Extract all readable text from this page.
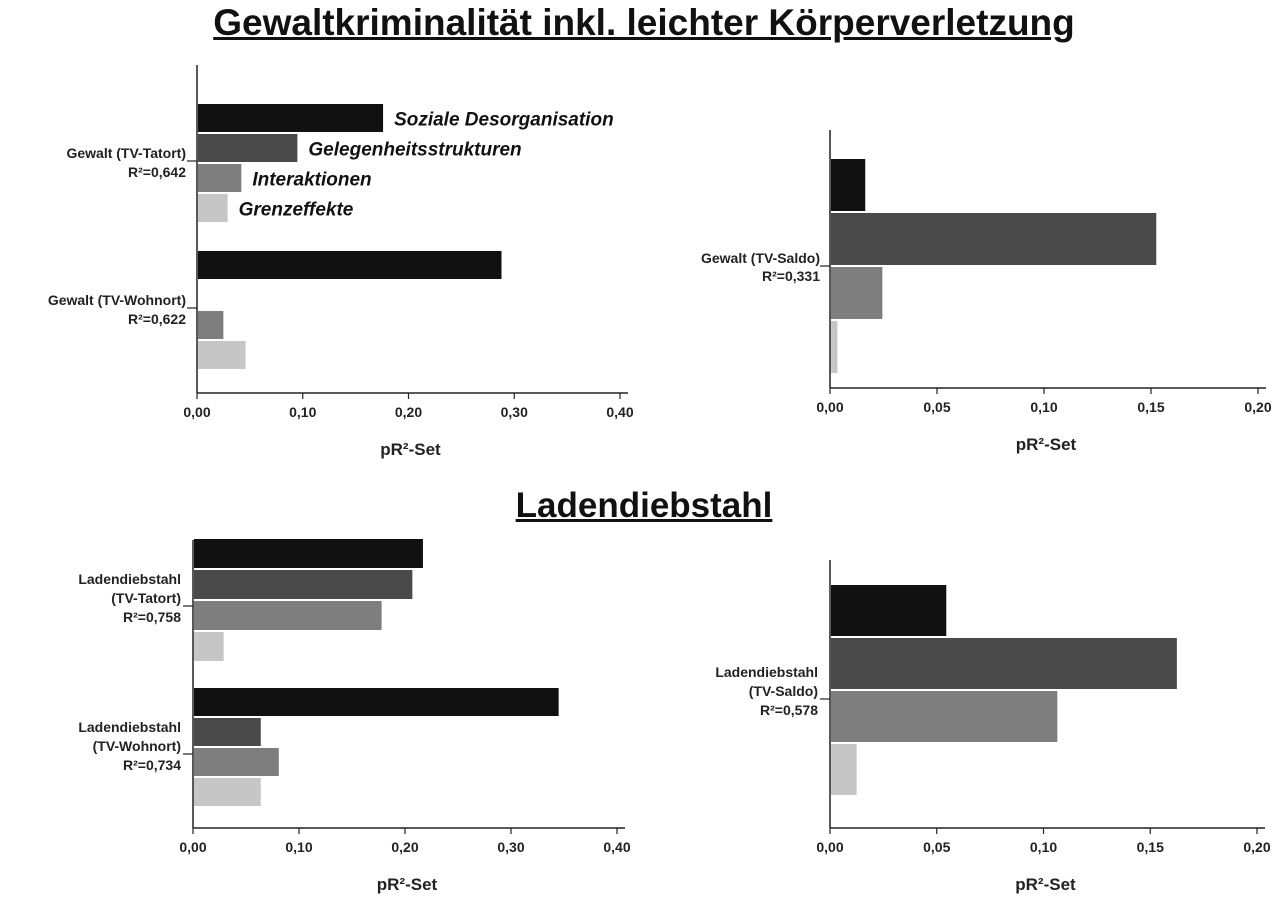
Gewaltkriminalität inkl. leichter Körperverletzung
Ladendiebstahl
Soziale Desorganisation
Gelegenheitsstrukturen
Interaktionen
Grenzeffekte
0,00	0,10	0,20	0,30	0,40
pR²-Set
Gewalt (TV-Tatort)
R²=0,642
Gewalt (TV-Wohnort)
R²=0,622
0,00	0,05	0,10	0,15	0,20
pR²-Set
Gewalt (TV-Saldo)
R²=0,331
0,00	0,10	0,20	0,30	0,40
pR²-Set
Ladendiebstahl
(TV-Tatort)
R²=0,758
Ladendiebstahl
(TV-Wohnort)
R²=0,734
0,00	0,05	0,10	0,15	0,20
pR²-Set
Ladendiebstahl
(TV-Saldo)
R²=0,578
